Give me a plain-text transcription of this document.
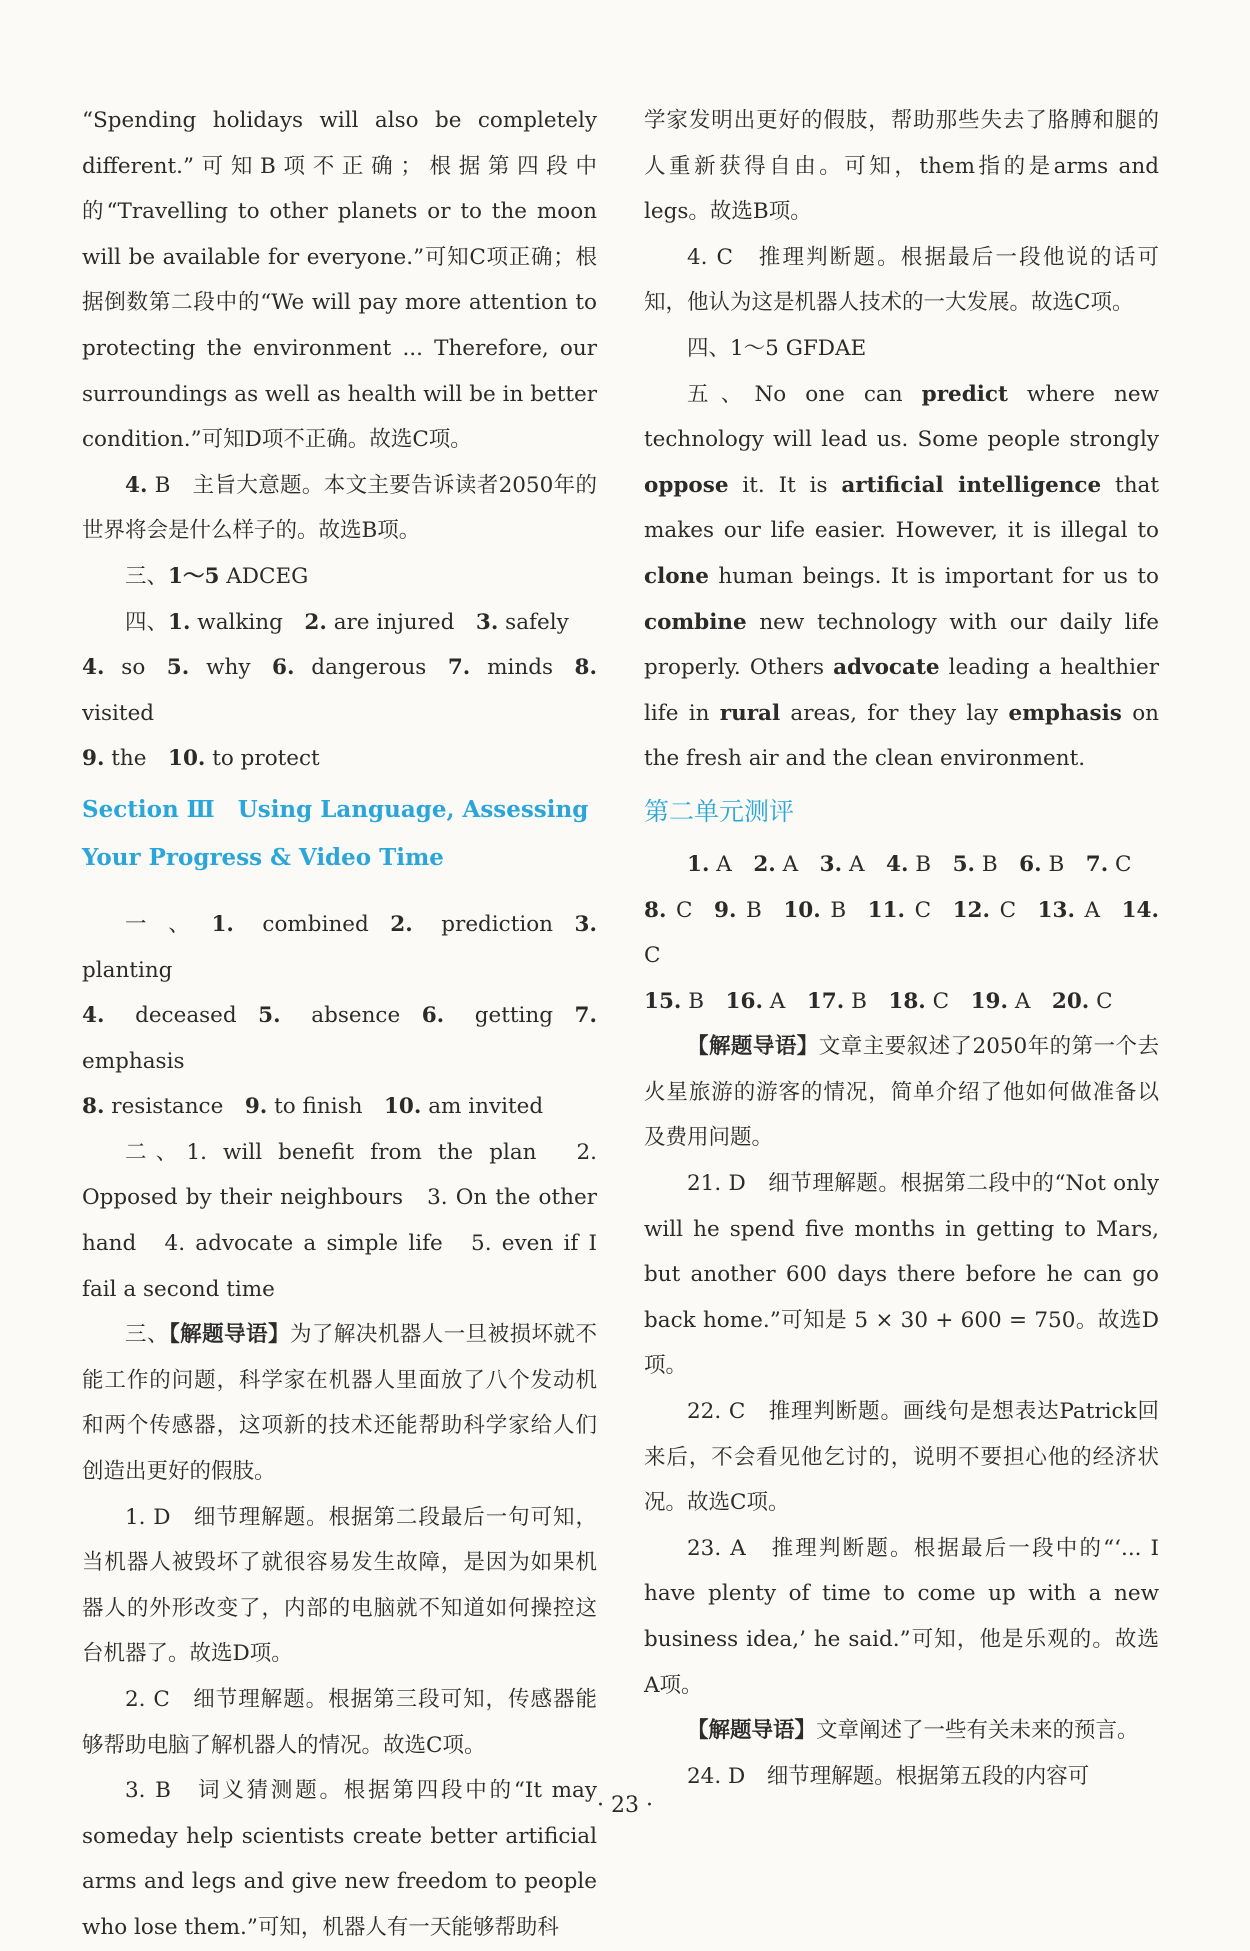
“Spending holidays will also be completely different.”可知B项不正确；根据第四段中的“Travelling to other planets or to the moon will be available for everyone.”可知C项正确；根据倒数第二段中的“We will pay more attention to protecting the environment ... Therefore, our surroundings as well as health will be in better condition.”可知D项不正确。故选C项。

4. B　主旨大意题。本文主要告诉读者2050年的世界将会是什么样子的。故选B项。

三、1～5 ADCEG

四、1. walking  2. are injured  3. safely

4. so  5. why  6. dangerous  7. minds  8. visited

9. the  10. to protect

Section Ⅲ　Using Language, Assessing

Your Progress & Video Time

一、1. combined  2. prediction  3. planting

4. deceased  5. absence  6. getting  7. emphasis

8. resistance  9. to finish  10. am invited

二、1. will benefit from the plan　2. Opposed by their neighbours　3. On the other hand　4. advocate a simple life　5. even if I fail a second time

三、【解题导语】为了解决机器人一旦被损坏就不能工作的问题，科学家在机器人里面放了八个发动机和两个传感器，这项新的技术还能帮助科学家给人们创造出更好的假肢。

1. D　细节理解题。根据第二段最后一句可知，当机器人被毁坏了就很容易发生故障，是因为如果机器人的外形改变了，内部的电脑就不知道如何操控这台机器了。故选D项。

2. C　细节理解题。根据第三段可知，传感器能够帮助电脑了解机器人的情况。故选C项。

3. B　词义猜测题。根据第四段中的“It may someday help scientists create better artificial arms and legs and give new freedom to people who lose them.”可知，机器人有一天能够帮助科

学家发明出更好的假肢，帮助那些失去了胳膊和腿的人重新获得自由。可知，them指的是arms and legs。故选B项。

4. C　推理判断题。根据最后一段他说的话可知，他认为这是机器人技术的一大发展。故选C项。

四、1～5 GFDAE

五、No one can predict where new technology will lead us. Some people strongly oppose it. It is artificial intelligence that makes our life easier. However, it is illegal to clone human beings. It is important for us to combine new technology with our daily life properly. Others advocate leading a healthier life in rural areas, for they lay emphasis on the fresh air and the clean environment.

第二单元测评

1. A  2. A  3. A  4. B  5. B  6. B  7. C

8. C  9. B  10. B  11. C  12. C  13. A  14. C

15. B  16. A  17. B  18. C  19. A  20. C

【解题导语】文章主要叙述了2050年的第一个去火星旅游的游客的情况，简单介绍了他如何做准备以及费用问题。

21. D　细节理解题。根据第二段中的“Not only will he spend five months in getting to Mars, but another 600 days there before he can go back home.”可知是 5 × 30 + 600 = 750。故选D项。

22. C　推理判断题。画线句是想表达Patrick回来后，不会看见他乞讨的，说明不要担心他的经济状况。故选C项。

23. A　推理判断题。根据最后一段中的“‘... I have plenty of time to come up with a new business idea,’ he said.”可知，他是乐观的。故选A项。

【解题导语】文章阐述了一些有关未来的预言。

24. D　细节理解题。根据第五段的内容可

· 23 ·
